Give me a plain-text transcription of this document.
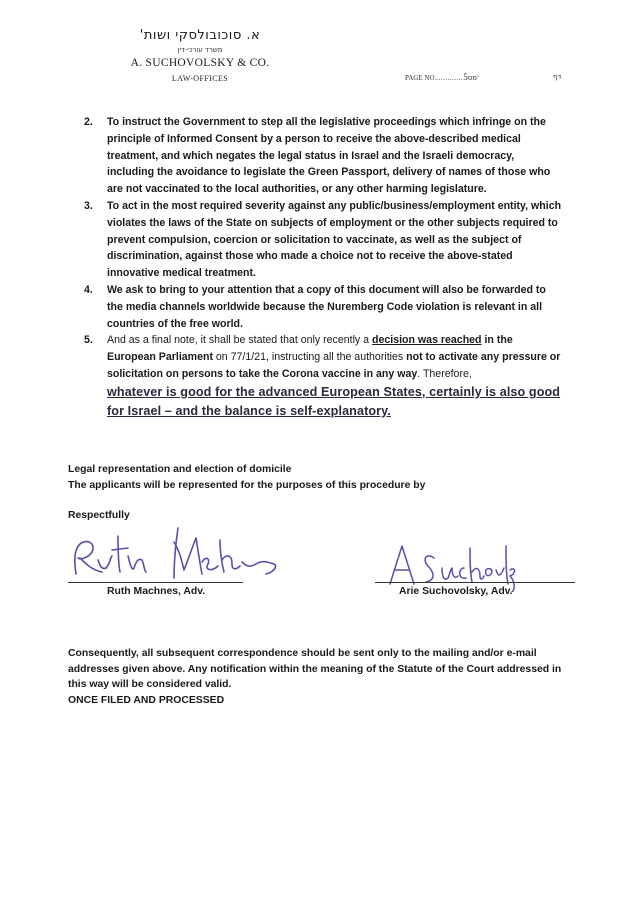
א. סוכובולסקי ושות'
משרד עורכי-דין
A. SUCHOVOLSKY & CO.
LAW-OFFICES	PAGE NO.............5מס'	דף
2. To instruct the Government to step all the legislative proceedings which infringe on the principle of Informed Consent by a person to receive the above-described medical treatment, and which negates the legal status in Israel and the Israeli democracy, including the avoidance to legislate the Green Passport, delivery of names of those who are not vaccinated to the local authorities, or any other harming legislature.
3. To act in the most required severity against any public/business/employment entity, which violates the laws of the State on subjects of employment or the other subjects required to prevent compulsion, coercion or solicitation to vaccinate, as well as the subject of discrimination, against those who made a choice not to receive the above-stated innovative medical treatment.
4. We ask to bring to your attention that a copy of this document will also be forwarded to the media channels worldwide because the Nuremberg Code violation is relevant in all countries of the free world.
5. And as a final note, it shall be stated that only recently a decision was reached in the European Parliament on 77/1/21, instructing all the authorities not to activate any pressure or solicitation on persons to take the Corona vaccine in any way. Therefore,
whatever is good for the advanced European States, certainly is also good for Israel – and the balance is self-explanatory.
Legal representation and election of domicile
The applicants will be represented for the purposes of this procedure by
Respectfully
Ruth Machnes, Adv.	Arie Suchovolsky, Adv.
Consequently, all subsequent correspondence should be sent only to the mailing and/or e-mail addresses given above. Any notification within the meaning of the Statute of the Court addressed in this way will be considered valid.
ONCE FILED AND PROCESSED
